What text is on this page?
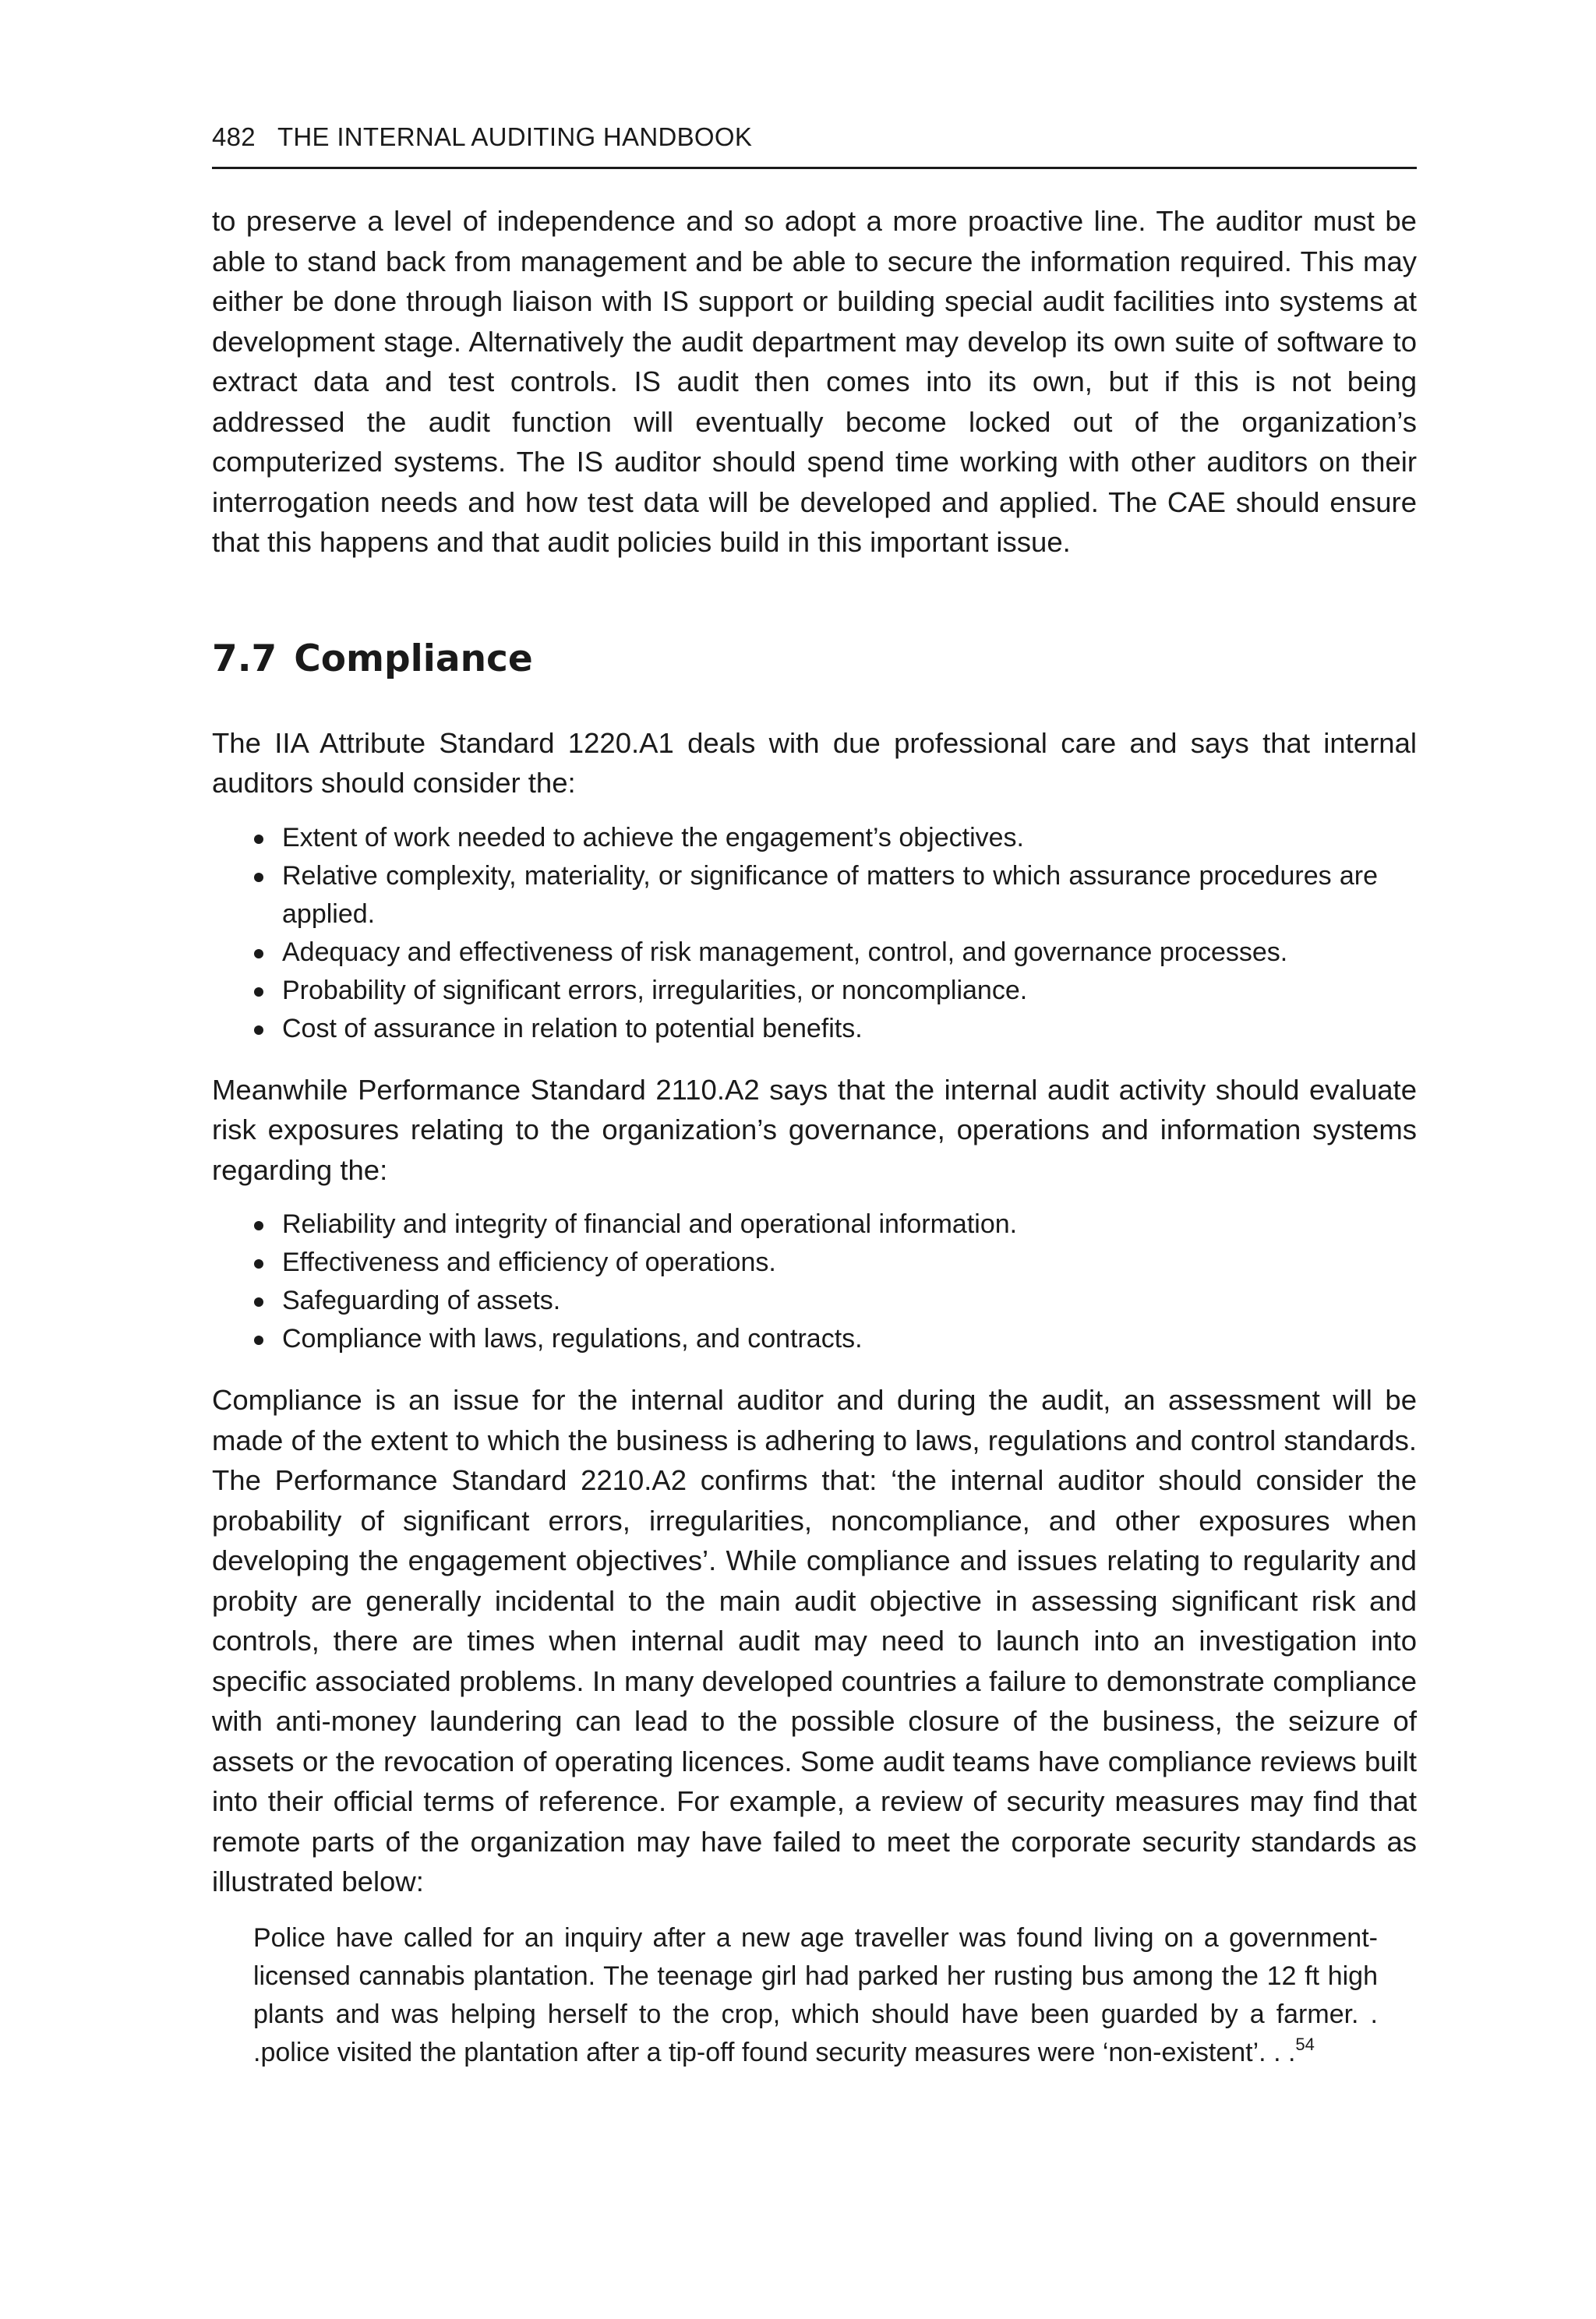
482 THE INTERNAL AUDITING HANDBOOK

to preserve a level of independence and so adopt a more proactive line. The auditor must be able to stand back from management and be able to secure the information required. This may either be done through liaison with IS support or building special audit facilities into systems at development stage. Alternatively the audit department may develop its own suite of software to extract data and test controls. IS audit then comes into its own, but if this is not being addressed the audit function will eventually become locked out of the organization’s computerized systems. The IS auditor should spend time working with other auditors on their interrogation needs and how test data will be developed and applied. The CAE should ensure that this happens and that audit policies build in this important issue.

7.7 Compliance

The IIA Attribute Standard 1220.A1 deals with due professional care and says that internal auditors should consider the:

Extent of work needed to achieve the engagement’s objectives.
Relative complexity, materiality, or significance of matters to which assurance procedures are applied.
Adequacy and effectiveness of risk management, control, and governance processes.
Probability of significant errors, irregularities, or noncompliance.
Cost of assurance in relation to potential benefits.

Meanwhile Performance Standard 2110.A2 says that the internal audit activity should evaluate risk exposures relating to the organization’s governance, operations and information systems regarding the:

Reliability and integrity of financial and operational information.
Effectiveness and efficiency of operations.
Safeguarding of assets.
Compliance with laws, regulations, and contracts.

Compliance is an issue for the internal auditor and during the audit, an assessment will be made of the extent to which the business is adhering to laws, regulations and control standards. The Performance Standard 2210.A2 confirms that: ‘the internal auditor should consider the probability of significant errors, irregularities, noncompliance, and other exposures when developing the engagement objectives’. While compliance and issues relating to regularity and probity are generally incidental to the main audit objective in assessing significant risk and controls, there are times when internal audit may need to launch into an investigation into specific associated problems. In many developed countries a failure to demonstrate compliance with anti-money laundering can lead to the possible closure of the business, the seizure of assets or the revocation of operating licences. Some audit teams have compliance reviews built into their official terms of reference. For example, a review of security measures may find that remote parts of the organization may have failed to meet the corporate security standards as illustrated below:

Police have called for an inquiry after a new age traveller was found living on a government-licensed cannabis plantation. The teenage girl had parked her rusting bus among the 12 ft high plants and was helping herself to the crop, which should have been guarded by a farmer. . .police visited the plantation after a tip-off found security measures were ‘non-existent’. . .$^{54}$
